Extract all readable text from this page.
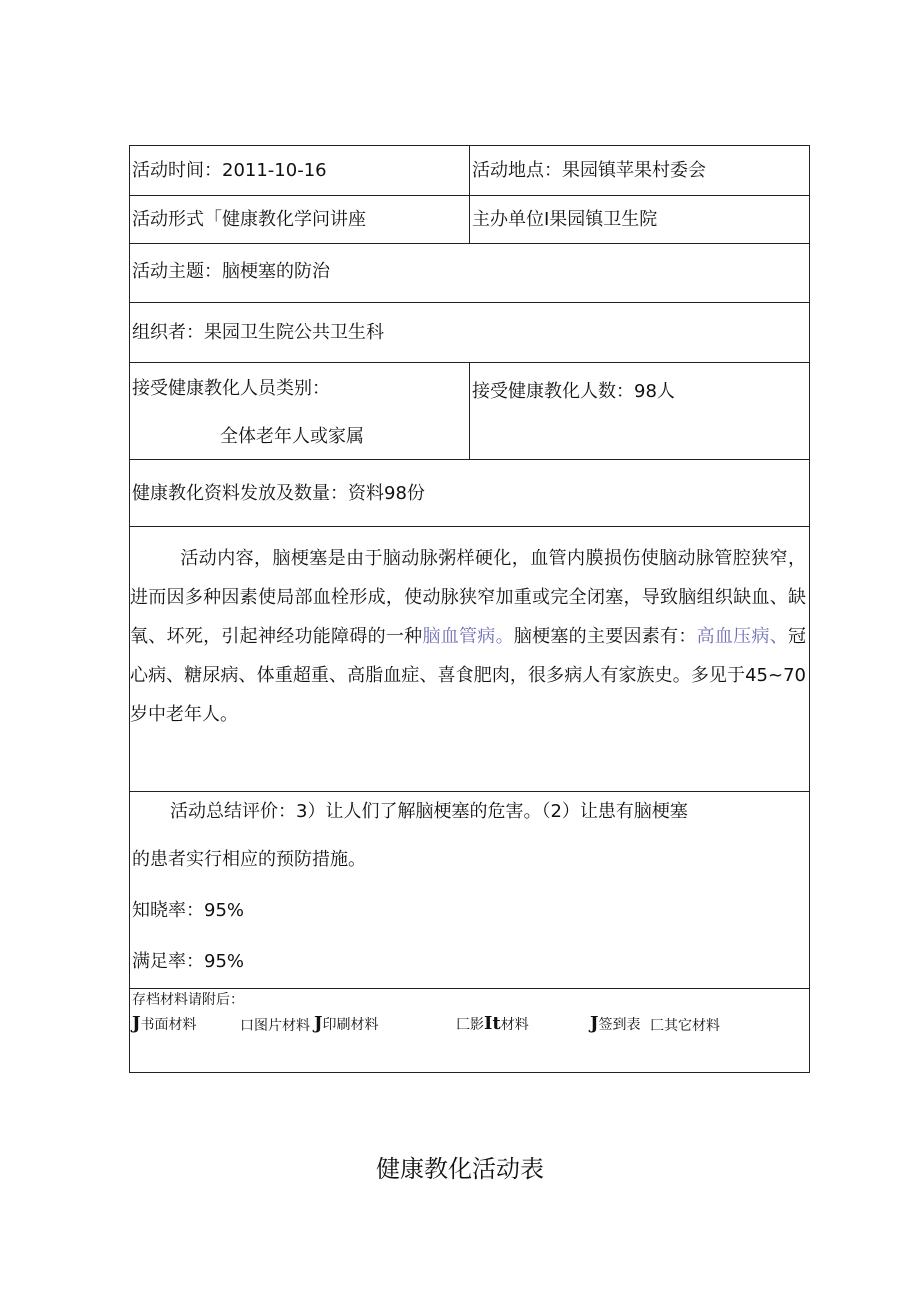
活动时间：2011-10-16	活动地点：果园镇苹果村委会
活动形式「健康教化学问讲座	主办单位I果园镇卫生院
活动主题：脑梗塞的防治
组织者：果园卫生院公共卫生科
接受健康教化人员类别：
全体老年人或家属
接受健康教化人数：98人
健康教化资料发放及数量：资料98份
活动内容，脑梗塞是由于脑动脉粥样硬化，血管内膜损伤使脑动脉管腔狭窄，进而因多种因素使局部血栓形成，使动脉狭窄加重或完全闭塞，导致脑组织缺血、缺氧、坏死，引起神经功能障碍的一种脑血管病。脑梗塞的主要因素有：高血压病、冠心病、糖尿病、体重超重、高脂血症、喜食肥肉，很多病人有家族史。多见于45~70岁中老年人。
活动总结评价：3）让人们了解脑梗塞的危害。（2）让患有脑梗塞
的患者实行相应的预防措施。
知晓率：95%
满足率：95%
存档材料请附后：
J书面材料	口图片材料 J印刷材料	匚影It材料	J签到表 匚其它材料
健康教化活动表
